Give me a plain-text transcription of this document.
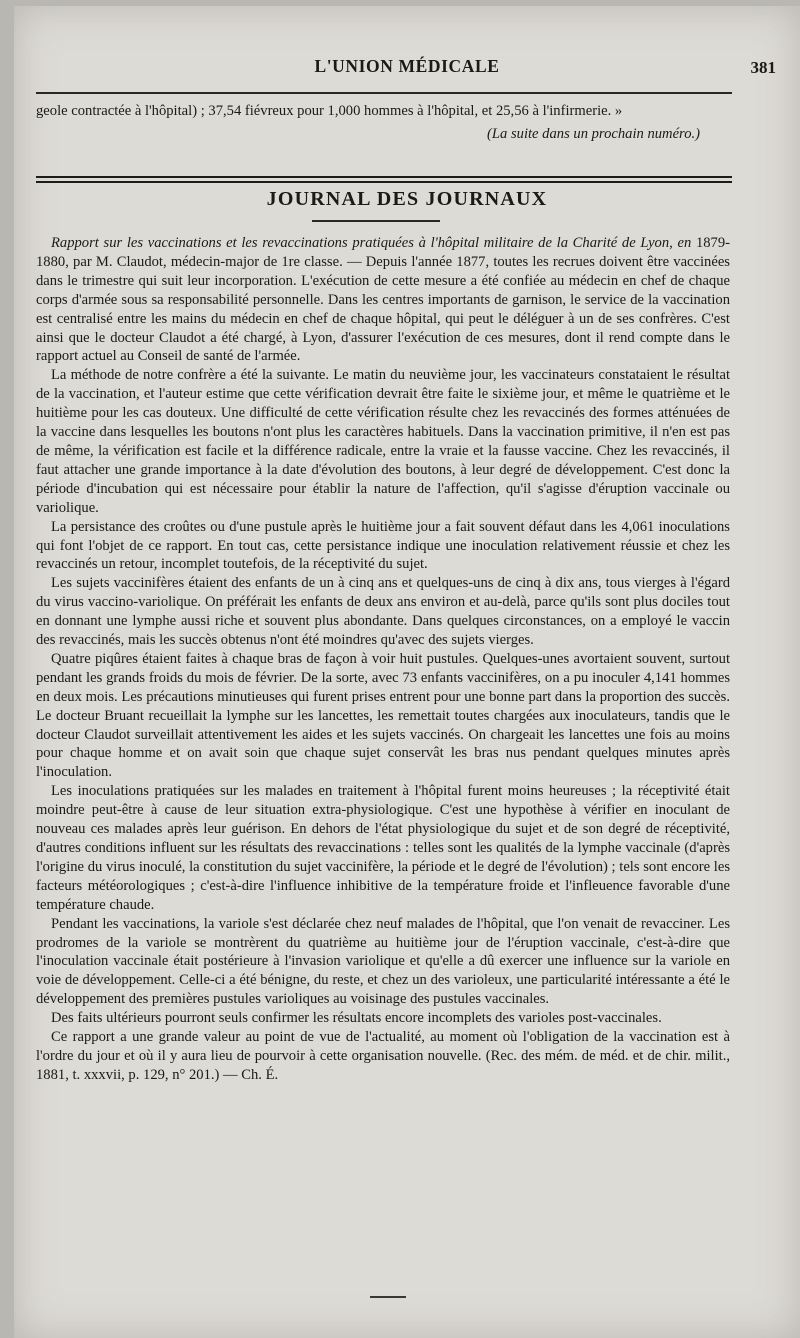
L'UNION MÉDICALE	381

geole contractée à l'hôpital) ; 37,54 fiévreux pour 1,000 hommes à l'hôpital, et 25,56 à l'infirmerie. »

(La suite dans un prochain numéro.)

JOURNAL DES JOURNAUX

Rapport sur les vaccinations et les revaccinations pratiquées à l'hôpital militaire de la Charité de Lyon, en 1879-1880, par M. Claudot, médecin-major de 1re classe. — Depuis l'année 1877, toutes les recrues doivent être vaccinées dans le trimestre qui suit leur incorporation. L'exécution de cette mesure a été confiée au médecin en chef de chaque corps d'armée sous sa responsabilité personnelle. Dans les centres importants de garnison, le service de la vaccination est centralisé entre les mains du médecin en chef de chaque hôpital, qui peut le déléguer à un de ses confrères. C'est ainsi que le docteur Claudot a été chargé, à Lyon, d'assurer l'exécution de ces mesures, dont il rend compte dans le rapport actuel au Conseil de santé de l'armée.

La méthode de notre confrère a été la suivante. Le matin du neuvième jour, les vaccinateurs constataient le résultat de la vaccination, et l'auteur estime que cette vérification devrait être faite le sixième jour, et même le quatrième et le huitième pour les cas douteux. Une difficulté de cette vérification résulte chez les revaccinés des formes atténuées de la vaccine dans lesquelles les boutons n'ont plus les caractères habituels. Dans la vaccination primitive, il n'en est pas de même, la vérification est facile et la différence radicale, entre la vraie et la fausse vaccine. Chez les revaccinés, il faut attacher une grande importance à la date d'évolution des boutons, à leur degré de développement. C'est donc la période d'incubation qui est nécessaire pour établir la nature de l'affection, qu'il s'agisse d'éruption vaccinale ou variolique.

La persistance des croûtes ou d'une pustule après le huitième jour a fait souvent défaut dans les 4,061 inoculations qui font l'objet de ce rapport. En tout cas, cette persistance indique une inoculation relativement réussie et chez les revaccinés un retour, incomplet toutefois, de la réceptivité du sujet.

Les sujets vaccinifères étaient des enfants de un à cinq ans et quelques-uns de cinq à dix ans, tous vierges à l'égard du virus vaccino-variolique. On préférait les enfants de deux ans environ et au-delà, parce qu'ils sont plus dociles tout en donnant une lymphe aussi riche et souvent plus abondante. Dans quelques circonstances, on a employé le vaccin des revaccinés, mais les succès obtenus n'ont été moindres qu'avec des sujets vierges.

Quatre piqûres étaient faites à chaque bras de façon à voir huit pustules. Quelques-unes avortaient souvent, surtout pendant les grands froids du mois de février. De la sorte, avec 73 enfants vaccinifères, on a pu inoculer 4,141 hommes en deux mois. Les précautions minutieuses qui furent prises entrent pour une bonne part dans la proportion des succès. Le docteur Bruant recueillait la lymphe sur les lancettes, les remettait toutes chargées aux inoculateurs, tandis que le docteur Claudot surveillait attentivement les aides et les sujets vaccinés. On chargeait les lancettes une fois au moins pour chaque homme et on avait soin que chaque sujet conservât les bras nus pendant quelques minutes après l'inoculation.

Les inoculations pratiquées sur les malades en traitement à l'hôpital furent moins heureuses ; la réceptivité était moindre peut-être à cause de leur situation extra-physiologique. C'est une hypothèse à vérifier en inoculant de nouveau ces malades après leur guérison. En dehors de l'état physiologique du sujet et de son degré de réceptivité, d'autres conditions influent sur les résultats des revaccinations : telles sont les qualités de la lymphe vaccinale (d'après l'origine du virus inoculé, la constitution du sujet vaccinifère, la période et le degré de l'évolution) ; tels sont encore les facteurs météorologiques ; c'est-à-dire l'influence inhibitive de la température froide et l'infleuence favorable d'une température chaude.

Pendant les vaccinations, la variole s'est déclarée chez neuf malades de l'hôpital, que l'on venait de revacciner. Les prodromes de la variole se montrèrent du quatrième au huitième jour de l'éruption vaccinale, c'est-à-dire que l'inoculation vaccinale était postérieure à l'invasion variolique et qu'elle a dû exercer une influence sur la variole en voie de développement. Celle-ci a été bénigne, du reste, et chez un des varioleux, une particularité intéressante a été le développement des premières pustules varioliques au voisinage des pustules vaccinales.

Des faits ultérieurs pourront seuls confirmer les résultats encore incomplets des varioles post-vaccinales.

Ce rapport a une grande valeur au point de vue de l'actualité, au moment où l'obligation de la vaccination est à l'ordre du jour et où il y aura lieu de pourvoir à cette organisation nouvelle. (Rec. des mém. de méd. et de chir. milit., 1881, t. xxxvii, p. 129, n° 201.) — Ch. É.
